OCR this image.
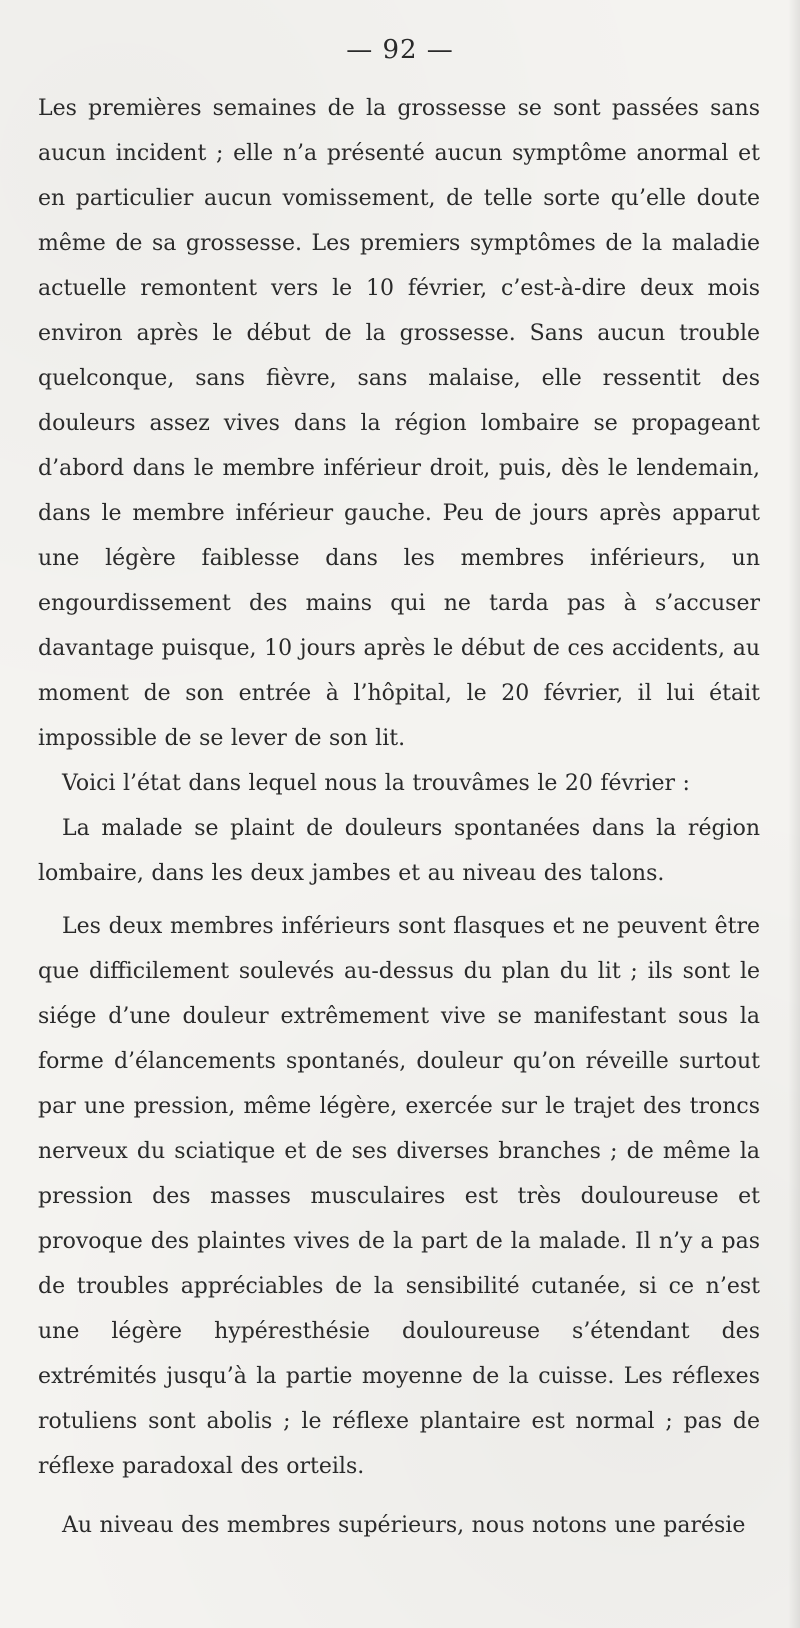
— 92 —

Les premières semaines de la grossesse se sont passées sans aucun incident ; elle n’a présenté aucun symptôme anormal et en particulier aucun vomissement, de telle sorte qu’elle doute même de sa grossesse. Les premiers symptômes de la maladie actuelle remontent vers le 10 février, c’est-à-dire deux mois environ après le début de la grossesse. Sans aucun trouble quelconque, sans fièvre, sans malaise, elle ressentit des douleurs assez vives dans la région lombaire se propageant d’abord dans le membre inférieur droit, puis, dès le lendemain, dans le membre inférieur gauche. Peu de jours après apparut une légère faiblesse dans les membres inférieurs, un engourdissement des mains qui ne tarda pas à s’accuser davantage puisque, 10 jours après le début de ces accidents, au moment de son entrée à l’hôpital, le 20 février, il lui était impossible de se lever de son lit.

Voici l’état dans lequel nous la trouvâmes le 20 février :

La malade se plaint de douleurs spontanées dans la région lombaire, dans les deux jambes et au niveau des talons.

Les deux membres inférieurs sont flasques et ne peuvent être que difficilement soulevés au-dessus du plan du lit ; ils sont le siége d’une douleur extrêmement vive se manifestant sous la forme d’élancements spontanés, douleur qu’on réveille surtout par une pression, même légère, exercée sur le trajet des troncs nerveux du sciatique et de ses diverses branches ; de même la pression des masses musculaires est très douloureuse et provoque des plaintes vives de la part de la malade. Il n’y a pas de troubles appréciables de la sensibilité cutanée, si ce n’est une légère hypéresthésie douloureuse s’étendant des extrémités jusqu’à la partie moyenne de la cuisse. Les réflexes rotuliens sont abolis ; le réflexe plantaire est normal ; pas de réflexe paradoxal des orteils.

Au niveau des membres supérieurs, nous notons une parésie
